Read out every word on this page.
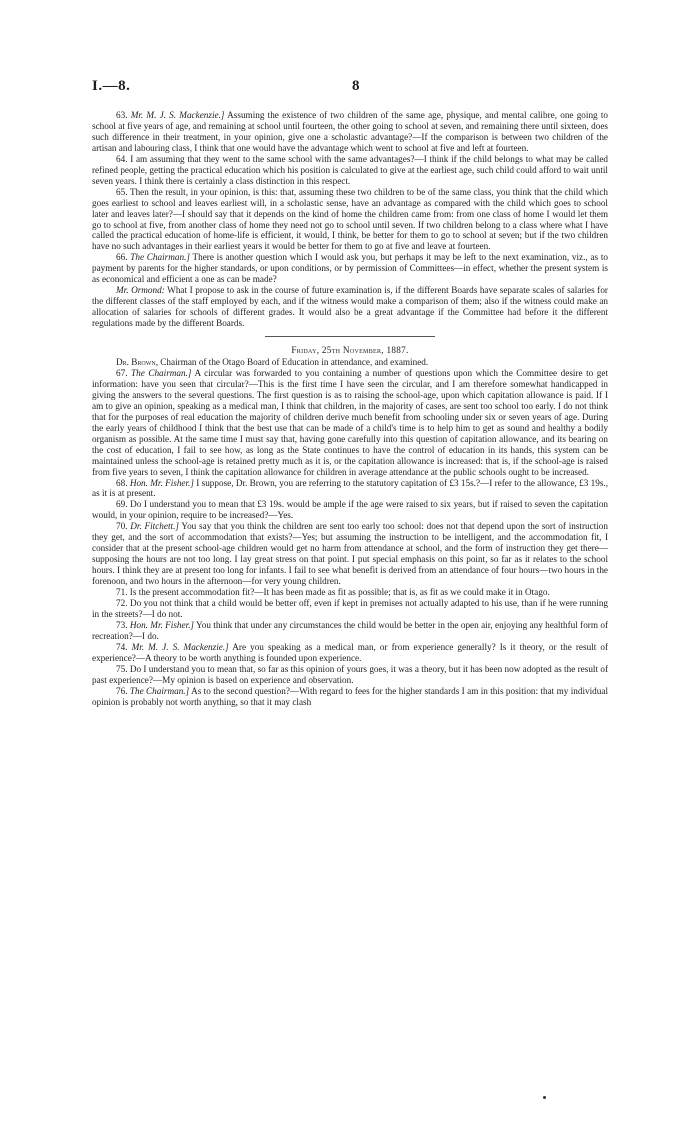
I.—8.	8

63. Mr. M. J. S. Mackenzie.] Assuming the existence of two children of the same age, physique, and mental calibre, one going to school at five years of age, and remaining at school until fourteen, the other going to school at seven, and remaining there until sixteen, does such difference in their treatment, in your opinion, give one a scholastic advantage?—If the comparison is between two children of the artisan and labouring class, I think that one would have the advantage which went to school at five and left at fourteen.

64. I am assuming that they went to the same school with the same advantages?—I think if the child belongs to what may be called refined people, getting the practical education which his position is calculated to give at the earliest age, such child could afford to wait until seven years. I think there is certainly a class distinction in this respect.

65. Then the result, in your opinion, is this: that, assuming these two children to be of the same class, you think that the child which goes earliest to school and leaves earliest will, in a scholastic sense, have an advantage as compared with the child which goes to school later and leaves later?—I should say that it depends on the kind of home the children came from: from one class of home I would let them go to school at five, from another class of home they need not go to school until seven. If two children belong to a class where what I have called the practical education of home-life is efficient, it would, I think, be better for them to go to school at seven; but if the two children have no such advantages in their earliest years it would be better for them to go at five and leave at fourteen.

66. The Chairman.] There is another question which I would ask you, but perhaps it may be left to the next examination, viz., as to payment by parents for the higher standards, or upon conditions, or by permission of Committees—in effect, whether the present system is as economical and efficient a one as can be made?

Mr. Ormond: What I propose to ask in the course of future examination is, if the different Boards have separate scales of salaries for the different classes of the staff employed by each, and if the witness would make a comparison of them; also if the witness could make an allocation of salaries for schools of different grades. It would also be a great advantage if the Committee had before it the different regulations made by the different Boards.

Friday, 25th November, 1887.

Dr. Brown, Chairman of the Otago Board of Education in attendance, and examined.

67. The Chairman.] A circular was forwarded to you containing a number of questions upon which the Committee desire to get information: have you seen that circular?—This is the first time I have seen the circular, and I am therefore somewhat handicapped in giving the answers to the several questions. The first question is as to raising the school-age, upon which capitation allowance is paid. If I am to give an opinion, speaking as a medical man, I think that children, in the majority of cases, are sent too school too early. I do not think that for the purposes of real education the majority of children derive much benefit from schooling under six or seven years of age. During the early years of childhood I think that the best use that can be made of a child's time is to help him to get as sound and healthy a bodily organism as possible. At the same time I must say that, having gone carefully into this question of capitation allowance, and its bearing on the cost of education, I fail to see how, as long as the State continues to have the control of education in its hands, this system can be maintained unless the school-age is retained pretty much as it is, or the capitation allowance is increased: that is, if the school-age is raised from five years to seven, I think the capitation allowance for children in average attendance at the public schools ought to be increased.

68. Hon. Mr. Fisher.] I suppose, Dr. Brown, you are referring to the statutory capitation of £3 15s.?—I refer to the allowance, £3 19s., as it is at present.

69. Do I understand you to mean that £3 19s. would be ample if the age were raised to six years, but if raised to seven the capitation would, in your opinion, require to be increased?—Yes.

70. Dr. Fitchett.] You say that you think the children are sent too early too school: does not that depend upon the sort of instruction they get, and the sort of accommodation that exists?—Yes; but assuming the instruction to be intelligent, and the accommodation fit, I consider that at the present school-age children would get no harm from attendance at school, and the form of instruction they get there—supposing the hours are not too long. I lay great stress on that point. I put special emphasis on this point, so far as it relates to the school hours. I think they are at present too long for infants. I fail to see what benefit is derived from an attendance of four hours—two hours in the forenoon, and two hours in the afternoon—for very young children.

71. Is the present accommodation fit?—It has been made as fit as possible; that is, as fit as we could make it in Otago.

72. Do you not think that a child would be better off, even if kept in premises not actually adapted to his use, than if he were running in the streets?—I do not.

73. Hon. Mr. Fisher.] You think that under any circumstances the child would be better in the open air, enjoying any healthful form of recreation?—I do.

74. Mr. M. J. S. Mackenzie.] Are you speaking as a medical man, or from experience generally? Is it theory, or the result of experience?—A theory to be worth anything is founded upon experience.

75. Do I understand you to mean that, so far as this opinion of yours goes, it was a theory, but it has been now adopted as the result of past experience?—My opinion is based on experience and observation.

76. The Chairman.] As to the second question?—With regard to fees for the higher standards I am in this position: that my individual opinion is probably not worth anything, so that it may clash
